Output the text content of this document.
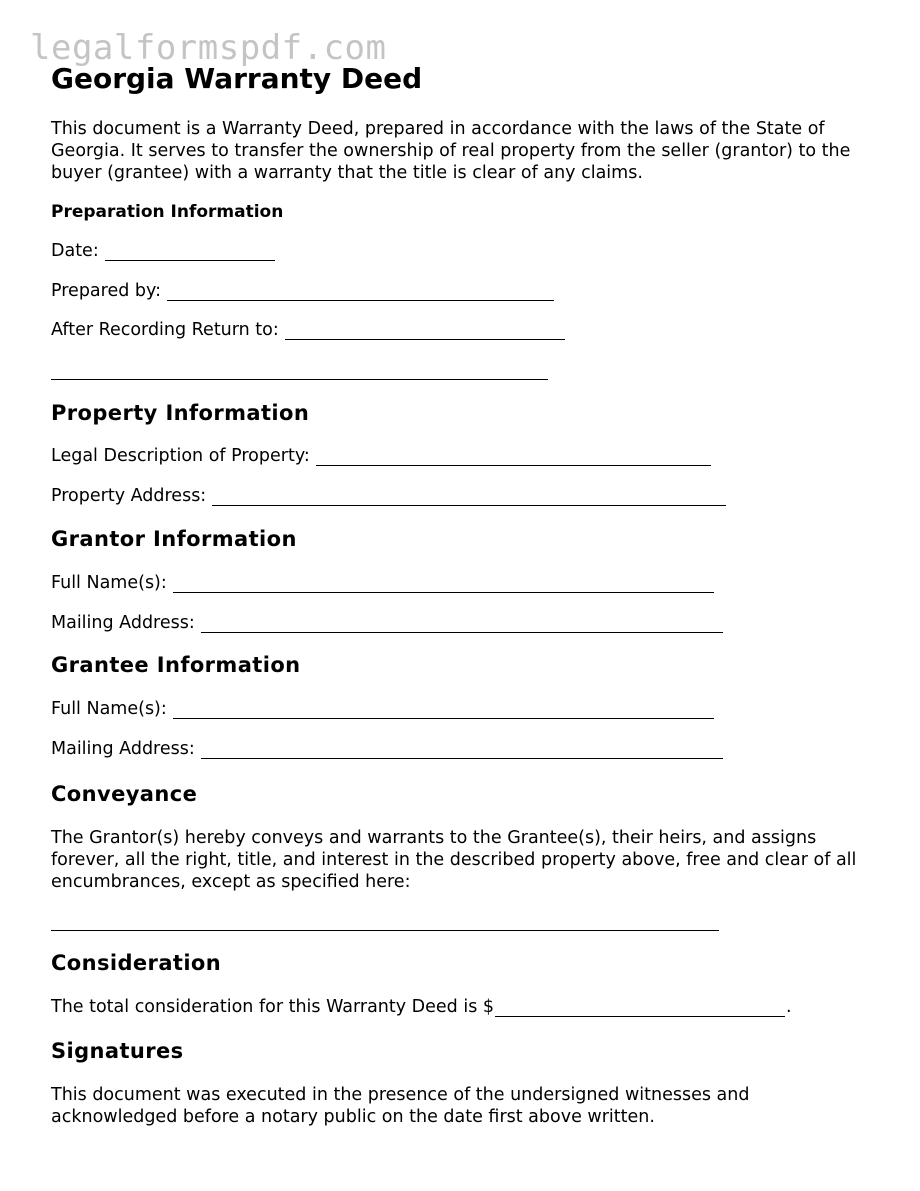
legalformspdf.com
Georgia Warranty Deed

This document is a Warranty Deed, prepared in accordance with the laws of the State of Georgia. It serves to transfer the ownership of real property from the seller (grantor) to the buyer (grantee) with a warranty that the title is clear of any claims.

Preparation Information
Date:
Prepared by:
After Recording Return to:
Property Information
Legal Description of Property:
Property Address:
Grantor Information
Full Name(s):
Mailing Address:
Grantee Information
Full Name(s):
Mailing Address:
Conveyance

The Grantor(s) hereby conveys and warrants to the Grantee(s), their heirs, and assigns forever, all the right, title, and interest in the described property above, free and clear of all encumbrances, except as specified here:

Consideration
The total consideration for this Warranty Deed is $	.
Signatures

This document was executed in the presence of the undersigned witnesses and acknowledged before a notary public on the date first above written.
